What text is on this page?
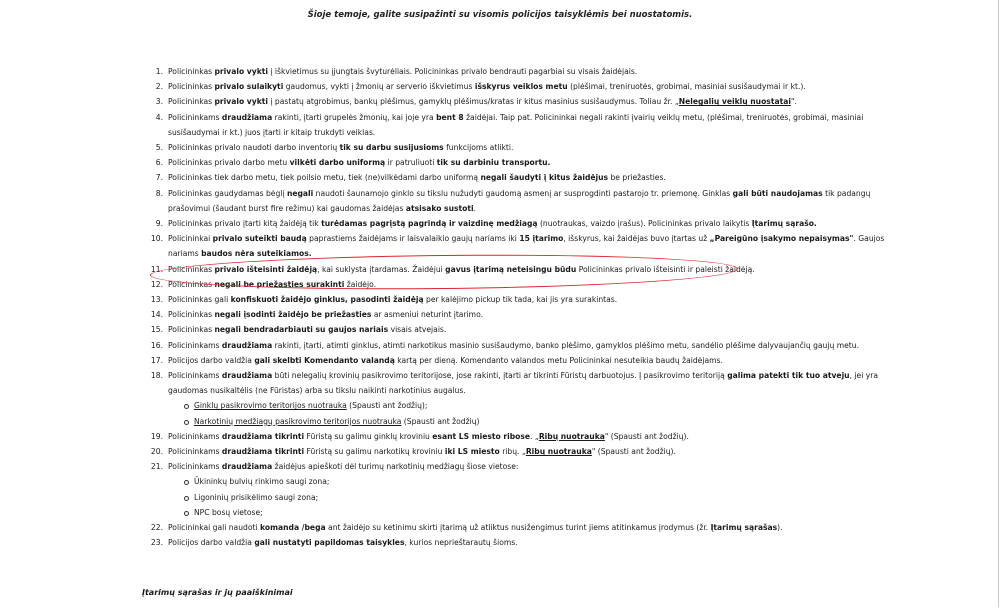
Šioje temoje, galite susipažinti su visomis policijos taisyklėmis bei nuostatomis.
1. Policininkas privalo vykti į iškvietimus su įjungtais švyturėliais. Policininkas privalo bendrauti pagarbiai su visais žaidėjais.
2. Policininkas privalo sulaikyti gaudomus, vykti į žmonių ar serverio iškvietimus išskyrus veiklos metu (plėšimai, treniruotės, grobimai, masiniai susišaudymai ir kt.).
3. Policininkas privalo vykti į pastatų atgrobimus, bankų plėšimus, gamyklų plėšimus/kratas ir kitus masinius susišaudymus. Toliau žr. „Nelegalių veiklų nuostatai".
4. Policininkams draudžiama rakinti, įtarti grupelės žmonių, kai joje yra bent 8 žaidėjai. Taip pat. Policininkai negali rakinti įvairių veiklų metu, (plėšimai, treniruotės, grobimai, masiniai susišaudymai ir kt.) juos įtarti ir kitaip trukdyti veiklas.
5. Policininkas privalo naudoti darbo inventorių tik su darbu susijusioms funkcijoms atlikti.
6. Policininkas privalo darbo metu vilkėti darbo uniformą ir patruliuoti tik su darbiniu transportu.
7. Policininkas tiek darbo metu, tiek poilsio metu, tiek (ne)vilkėdami darbo uniformą negali šaudyti į kitus žaidėjus be priežasties.
8. Policininkas gaudydamas bėglį negali naudoti šaunamojo ginklo su tikslu nužudyti gaudomą asmenį ar susprogdinti pastarojo tr. priemonę. Ginklas gali būti naudojamas tik padangų prašovimui (šaudant burst fire režimu) kai gaudomas žaidėjas atsisako sustoti.
9. Policininkas privalo įtarti kitą žaidėją tik turėdamas pagrįstą pagrindą ir vaizdinę medžiagą (nuotraukas, vaizdo įrašus). Policininkas privalo laikytis Įtarimų sąrašo.
10. Policininkai privalo suteikti baudą paprastiems žaidėjams ir laisvalaikio gaujų nariams iki 15 įtarimo, išskyrus, kai žaidėjas buvo įtartas už „Pareigūno įsakymo nepaisymas". Gaujos nariams baudos nėra suteikiamos.
11. Policininkas privalo išteisinti žaidėją, kai suklysta įtardamas. Žaidėjui gavus įtarimą neteisingu būdu Policininkas privalo išteisinti ir paleisti žaidėją.
12. Policininkas negali be priežasties surakinti žaidėjo.
13. Policininkas gali konfiskuoti žaidėjo ginklus, pasodinti žaidėją per kalėjimo pickup tik tada, kai jis yra surakintas.
14. Policininkas negali įsodinti žaidėjo be priežasties ar asmeniui neturint įtarimo.
15. Policininkas negali bendradarbiauti su gaujos nariais visais atvejais.
16. Policininkams draudžiama rakinti, įtarti, atimti ginklus, atimti narkotikus masinio susišaudymo, banko plėšimo, gamyklos plėšimo metu, sandėlio plėšime dalyvaujančių gaujų metu.
17. Policijos darbo valdžia gali skelbti Komendanto valandą kartą per dieną. Komendanto valandos metu Policininkai nesuteikia baudų žaidėjams.
18. Policininkams draudžiama būti nelegalių krovinių pasikrovimo teritorijose, jose rakinti, įtarti ar tikrinti Fūristų darbuotojus. Į pasikrovimo teritoriją galima patekti tik tuo atveju, jei yra gaudomas nusikaltėlis (ne Fūristas) arba su tikslu naikinti narkotinius augalus.
Ginklų pasikrovimo teritorijos nuotrauka (Spausti ant žodžių);
Narkotinių medžiagų pasikrovimo teritorijos nuotrauka (Spausti ant žodžių)
19. Policininkams draudžiama tikrinti Fūristą su galimu ginklų kroviniu esant LS miesto ribose. „Ribų nuotrauka" (Spausti ant žodžių).
20. Policininkams draudžiama tikrinti Fūristą su galimu narkotikų kroviniu iki LS miesto ribų. „Ribų nuotrauka" (Spausti ant žodžių).
21. Policininkams draudžiama žaidėjus apieškoti dėl turimų narkotinių medžiagų šiose vietose:
Ūkininkų bulvių rinkimo saugi zona;
Ligoninių prisikėlimo saugi zona;
NPC bosų vietose;
22. Policininkai gali naudoti komanda /bega ant žaidėjo su ketinimu skirti įtarimą už atliktus nusižengimus turint jiems atitinkamus įrodymus (žr. Įtarimų sąrašas).
23. Policijos darbo valdžia gali nustatyti papildomas taisykles, kurios neprieštarautų šioms.
Įtarimų sąrašas ir jų paaiškinimai
